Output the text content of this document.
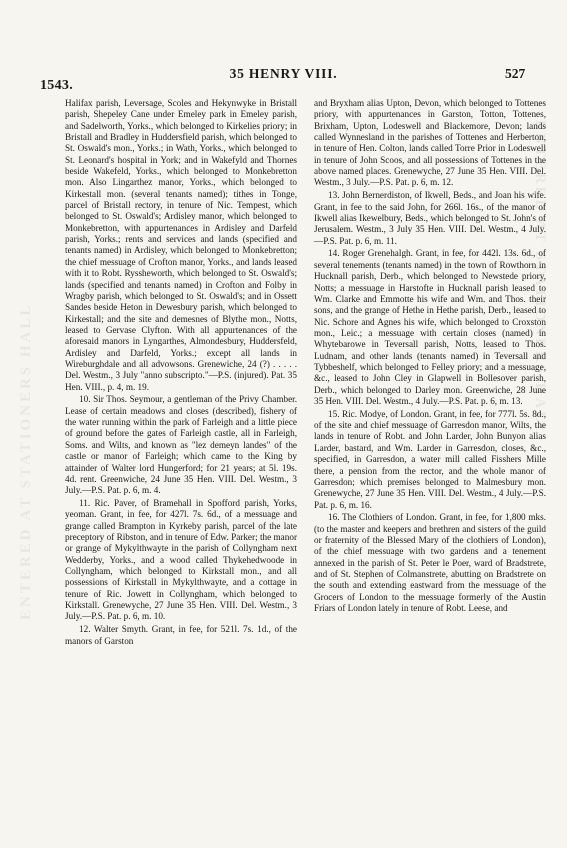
1543.
35 HENRY VIII.	527
ENTERED AT STATIONERS HALL
ENTERED AT STATIONERS HALL

Halifax parish, Leversage, Scoles and Hekynwyke in Bristall parish, Shepeley Cane under Emeley park in Emeley parish, and Sadelworth, Yorks., which belonged to Kirkelies priory; in Bristall and Bradley in Huddersfield parish, which belonged to St. Oswald's mon., Yorks.; in Wath, Yorks., which belonged to St. Leonard's hospital in York; and in Wakefyld and Thornes beside Wakefeld, Yorks., which belonged to Monkebretton mon. Also Lingarthez manor, Yorks., which belonged to Kirkestall mon. (several tenants named); tithes in Tonge, parcel of Bristall rectory, in tenure of Nic. Tempest, which belonged to St. Oswald's; Ardisley manor, which belonged to Monkebretton, with appurtenances in Ardisley and Darfeld parish, Yorks.; rents and services and lands (specified and tenants named) in Ardisley, which belonged to Monkebretton; the chief messuage of Crofton manor, Yorks., and lands leased with it to Robt. Ryssheworth, which belonged to St. Oswald's; lands (specified and tenants named) in Crofton and Folby in Wragby parish, which belonged to St. Oswald's; and in Ossett Sandes beside Heton in Dewesbury parish, which belonged to Kirkestall; and the site and demesnes of Blythe mon., Notts, leased to Gervase Clyfton. With all appurtenances of the aforesaid manors in Lyngarthes, Almondesbury, Huddersfeld, Ardisley and Darfeld, Yorks.; except all lands in Wireburghdale and all advowsons. Grenewiche, 24 (?) . . . . . Del. Westm., 3 July "anno subscripto."—P.S. (injured). Pat. 35 Hen. VIII., p. 4, m. 19.

10. Sir Thos. Seymour, a gentleman of the Privy Chamber. Lease of certain meadows and closes (described), fishery of the water running within the park of Farleigh and a little piece of ground before the gates of Farleigh castle, all in Farleigh, Soms. and Wilts, and known as "lez demeyn landes" of the castle or manor of Farleigh; which came to the King by attainder of Walter lord Hungerford; for 21 years; at 5l. 19s. 4d. rent. Greenwiche, 24 June 35 Hen. VIII. Del. Westm., 3 July.—P.S. Pat. p. 6, m. 4.

11. Ric. Paver, of Bramehall in Spofford parish, Yorks, yeoman. Grant, in fee, for 427l. 7s. 6d., of a messuage and grange called Brampton in Kyrkeby parish, parcel of the late preceptory of Ribston, and in tenure of Edw. Parker; the manor or grange of Mykylthwayte in the parish of Collyngham next Wedderby, Yorks., and a wood called Thykehedwoode in Collyngham, which belonged to Kirkstall mon., and all possessions of Kirkstall in Mykylthwayte, and a cottage in tenure of Ric. Jowett in Collyngham, which belonged to Kirkstall. Grenewyche, 27 June 35 Hen. VIII. Del. Westm., 3 July.—P.S. Pat. p. 6, m. 10.

12. Walter Smyth. Grant, in fee, for 521l. 7s. 1d., of the manors of Garston

and Bryxham alias Upton, Devon, which belonged to Tottenes priory, with appurtenances in Garston, Totton, Tottenes, Brixham, Upton, Lodeswell and Blackemore, Devon; lands called Wynnesland in the parishes of Tottenes and Herberton, in tenure of Hen. Colton, lands called Torre Prior in Lodeswell in tenure of John Scoos, and all possessions of Tottenes in the above named places. Grenewyche, 27 June 35 Hen. VIII. Del. Westm., 3 July.—P.S. Pat. p. 6, m. 12.

13. John Bernerdiston, of Ikwell, Beds., and Joan his wife. Grant, in fee to the said John, for 266l. 16s., of the manor of Ikwell alias Ikewelbury, Beds., which belonged to St. John's of Jerusalem. Westm., 3 July 35 Hen. VIII. Del. Westm., 4 July.—P.S. Pat. p. 6, m. 11.

14. Roger Grenehalgh. Grant, in fee, for 442l. 13s. 6d., of several tenements (tenants named) in the town of Rowthorn in Hucknall parish, Derb., which belonged to Newstede priory, Notts; a messuage in Harstofte in Hucknall parish leased to Wm. Clarke and Emmotte his wife and Wm. and Thos. their sons, and the grange of Hethe in Hethe parish, Derb., leased to Nic. Schore and Agnes his wife, which belonged to Croxston mon., Leic.; a messuage with certain closes (named) in Whytebarowe in Teversall parish, Notts, leased to Thos. Ludnam, and other lands (tenants named) in Teversall and Tybbeshelf, which belonged to Felley priory; and a messuage, &c., leased to John Cley in Glapwell in Bollesover parish, Derb., which belonged to Darley mon. Greenwiche, 28 June 35 Hen. VIII. Del. Westm., 4 July.—P.S. Pat. p. 6, m. 13.

15. Ric. Modye, of London. Grant, in fee, for 777l. 5s. 8d., of the site and chief messuage of Garresdon manor, Wilts, the lands in tenure of Robt. and John Larder, John Bunyon alias Larder, bastard, and Wm. Larder in Garresdon, closes, &c., specified, in Garresdon, a water mill called Fisshers Mille there, a pension from the rector, and the whole manor of Garresdon; which premises belonged to Malmesbury mon. Grenewyche, 27 June 35 Hen. VIII. Del. Westm., 4 July.—P.S. Pat. p. 6, m. 16.

16. The Clothiers of London. Grant, in fee, for 1,800 mks. (to the master and keepers and brethren and sisters of the guild or fraternity of the Blessed Mary of the clothiers of London), of the chief messuage with two gardens and a tenement annexed in the parish of St. Peter le Poer, ward of Bradstrete, and of St. Stephen of Colmanstrete, abutting on Bradstrete on the south and extending eastward from the messuage of the Grocers of London to the messuage formerly of the Austin Friars of London lately in tenure of Robt. Leese, and
